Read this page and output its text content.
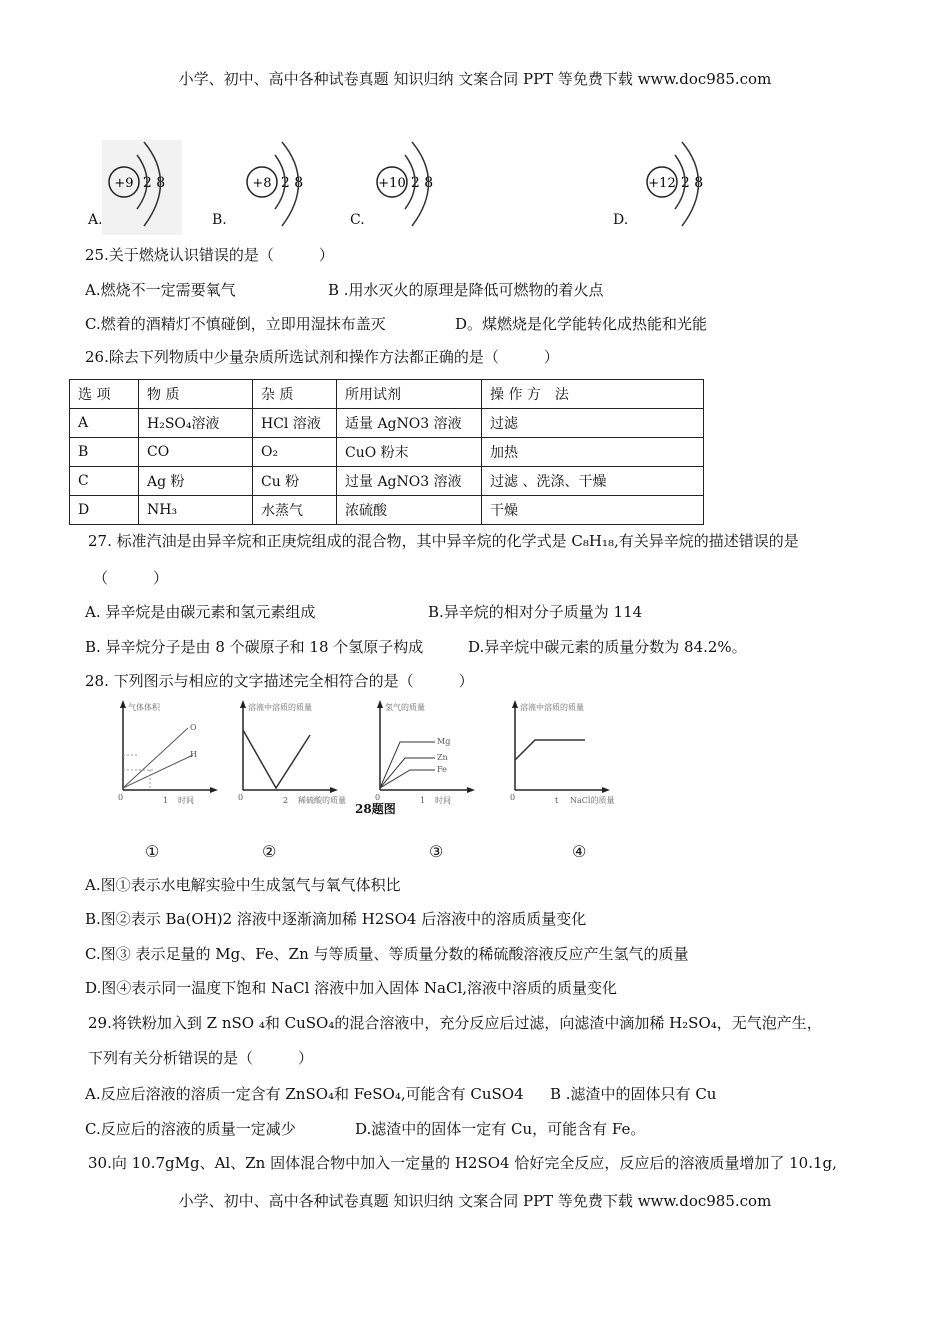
小学、初中、高中各种试卷真题 知识归纳 文案合同 PPT 等免费下载 www.doc985.com
A.
+9 2 8
B.
+8 2 8
C.
+10 2 8
D.
+12 2 8
25.关于燃烧认识错误的是（　　　）
A.燃烧不一定需要氧气	B .用水灭火的原理是降低可燃物的着火点
C.燃着的酒精灯不慎碰倒，立即用湿抹布盖灭	D。煤燃烧是化学能转化成热能和光能
26.除去下列物质中少量杂质所选试剂和操作方法都正确的是（　　　）
选 项	物 质	杂 质	所用试剂	操 作 方　法
A	H₂SO₄溶液	HCl 溶液	适量 AgNO3 溶液	过滤
B	CO	O₂	CuO 粉末	加热
C	Ag 粉	Cu 粉	过量 AgNO3 溶液	过滤 、洗涤、干燥
D	NH₃	水蒸气	浓硫酸	干燥
27. 标准汽油是由异辛烷和正庚烷组成的混合物，其中异辛烷的化学式是 C₈H₁₈,有关异辛烷的描述错误的是
（　　　）
A. 异辛烷是由碳元素和氢元素组成	B.异辛烷的相对分子质量为 114
B. 异辛烷分子是由 8 个碳原子和 18 个氢原子构成	D.异辛烷中碳元素的质量分数为 84.2%。
28. 下列图示与相应的文字描述完全相符合的是（　　　）
O
H
气体体积
0	1 时间
溶液中溶质的质量
0	2 稀硫酸的质量
Mg
Zn
Fe
氢气的质量
0	1 时间
溶液中溶质的质量
0	t NaCl的质量
28题图
①	②	③	④
A.图①表示水电解实验中生成氢气与氧气体积比
B.图②表示 Ba(OH)2 溶液中逐渐滴加稀 H2SO4 后溶液中的溶质质量变化
C.图③ 表示足量的 Mg、Fe、Zn 与等质量、等质量分数的稀硫酸溶液反应产生氢气的质量
D.图④表示同一温度下饱和 NaCl 溶液中加入固体 NaCl,溶液中溶质的质量变化
29.将铁粉加入到 Z nSO ₄和 CuSO₄的混合溶液中，充分反应后过滤，向滤渣中滴加稀 H₂SO₄，无气泡产生，
下列有关分析错误的是（　　　）
A.反应后溶液的溶质一定含有 ZnSO₄和 FeSO₄,可能含有 CuSO4 B .滤渣中的固体只有 Cu
C.反应后的溶液的质量一定减少	D.滤渣中的固体一定有 Cu，可能含有 Fe。
30.向 10.7gMg、Al、Zn 固体混合物中加入一定量的 H2SO4 恰好完全反应，反应后的溶液质量增加了 10.1g,
小学、初中、高中各种试卷真题 知识归纳 文案合同 PPT 等免费下载 www.doc985.com
